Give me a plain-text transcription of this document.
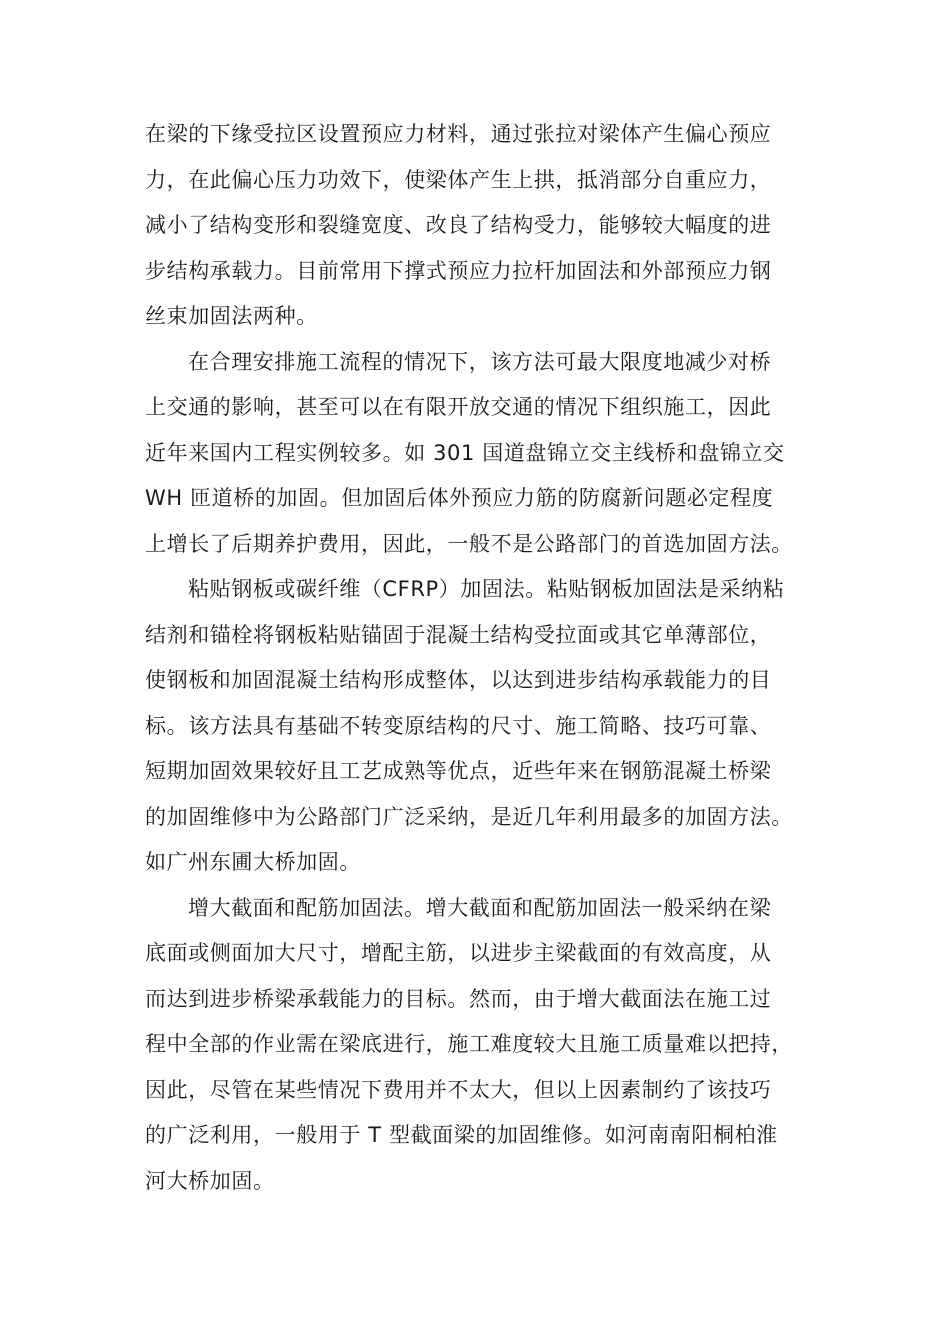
在梁的下缘受拉区设置预应力材料，通过张拉对梁体产生偏心预应
力，在此偏心压力功效下，使梁体产生上拱，抵消部分自重应力，
减小了结构变形和裂缝宽度、改良了结构受力，能够较大幅度的进
步结构承载力。目前常用下撑式预应力拉杆加固法和外部预应力钢
丝束加固法两种。

在合理安排施工流程的情况下，该方法可最大限度地减少对桥
上交通的影响，甚至可以在有限开放交通的情况下组织施工，因此
近年来国内工程实例较多。如 301 国道盘锦立交主线桥和盘锦立交
WH 匝道桥的加固。但加固后体外预应力筋的防腐新问题必定程度
上增长了后期养护费用，因此，一般不是公路部门的首选加固方法。

粘贴钢板或碳纤维（CFRP）加固法。粘贴钢板加固法是采纳粘
结剂和锚栓将钢板粘贴锚固于混凝土结构受拉面或其它单薄部位，
使钢板和加固混凝土结构形成整体，以达到进步结构承载能力的目
标。该方法具有基础不转变原结构的尺寸、施工简略、技巧可靠、
短期加固效果较好且工艺成熟等优点，近些年来在钢筋混凝土桥梁
的加固维修中为公路部门广泛采纳，是近几年利用最多的加固方法。
如广州东圃大桥加固。

增大截面和配筋加固法。增大截面和配筋加固法一般采纳在梁
底面或侧面加大尺寸，增配主筋，以进步主梁截面的有效高度，从
而达到进步桥梁承载能力的目标。然而，由于增大截面法在施工过
程中全部的作业需在梁底进行，施工难度较大且施工质量难以把持，
因此，尽管在某些情况下费用并不太大，但以上因素制约了该技巧
的广泛利用，一般用于 T 型截面梁的加固维修。如河南南阳桐柏淮
河大桥加固。
